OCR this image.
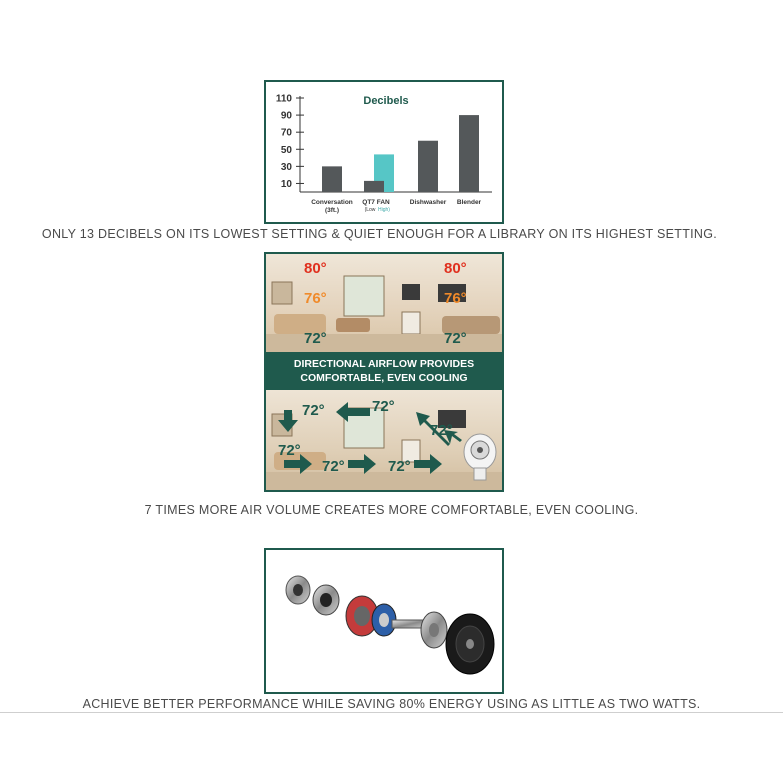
Decibels
110
90
70
50
30
10
Conversation
(3ft.)
QT7 FAN	Dishwasher Blender
(Low High)
ONLY 13 DECIBELS ON ITS LOWEST SETTING & QUIET ENOUGH FOR A LIBRARY ON ITS HIGHEST SETTING.
80°
76°
72°
80°
76°
72°
DIRECTIONAL AIRFLOW PROVIDES
COMFORTABLE, EVEN COOLING
72°	72°
72°
72°
72°	72°
7 TIMES MORE AIR VOLUME CREATES MORE COMFORTABLE, EVEN COOLING.
ACHIEVE BETTER PERFORMANCE WHILE SAVING 80% ENERGY USING AS LITTLE AS TWO WATTS.
